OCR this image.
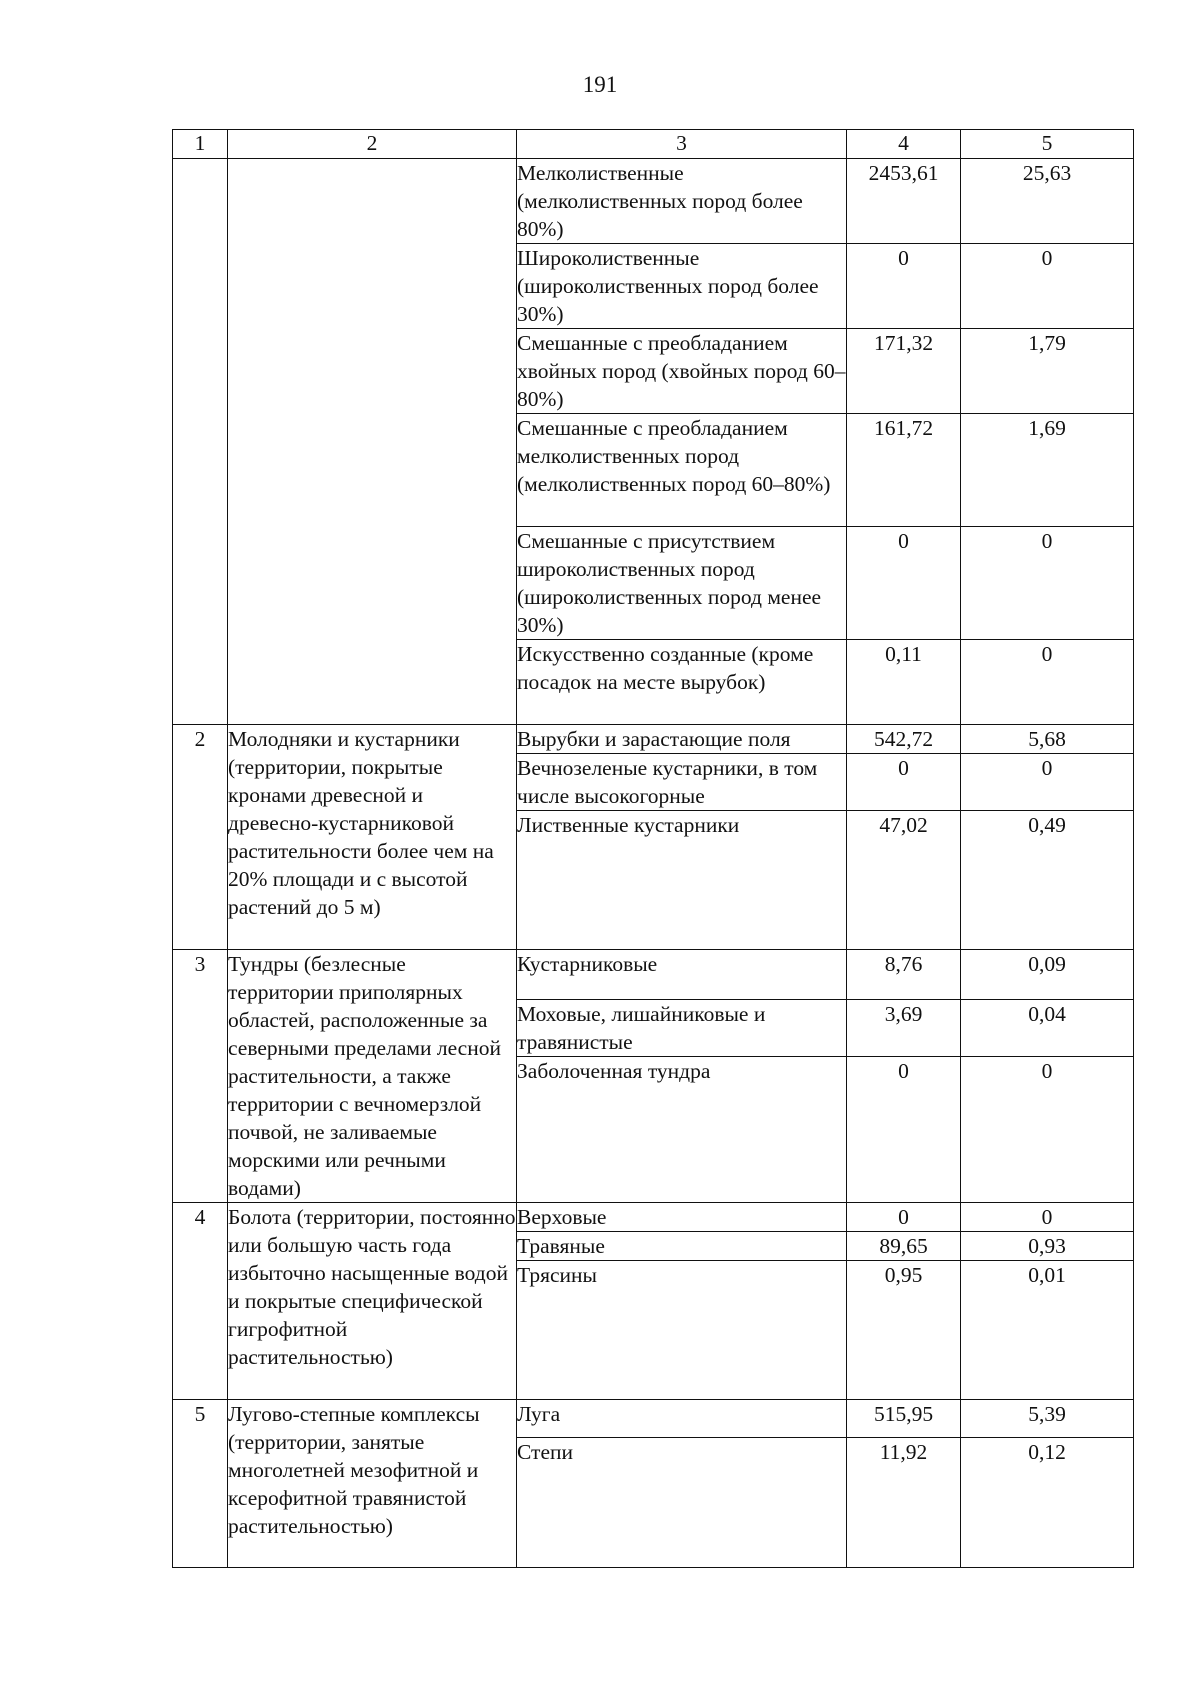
191
1	2	3	4	5
		Мелколиственные (мелколиственных пород более 80%)	2453,61	25,63
		Широколиственные (широколиственных пород более 30%)	0	0
		Смешанные с преобладанием хвойных пород (хвойных пород 60–80%)	171,32	1,79
		Смешанные с преобладанием мелколиственных пород (мелколиственных пород 60–80%)	161,72	1,69
		Смешанные с присутствием широколиственных пород (широколиственных пород менее 30%)	0	0
		Искусственно созданные (кроме посадок на месте вырубок)	0,11	0
2	Молодняки и кустарники (территории, покрытые кронами древесной и древесно-кустарниковой растительности более чем на 20% площади и с высотой растений до 5 м)	Вырубки и зарастающие поля	542,72	5,68
		Вечнозеленые кустарники, в том числе высокогорные	0	0
		Лиственные кустарники	47,02	0,49
3	Тундры (безлесные территории приполярных областей, расположенные за северными пределами лесной растительности, а также территории с вечномерзлой почвой, не заливаемые морскими или речными водами)	Кустарниковые	8,76	0,09
		Моховые, лишайниковые и травянистые	3,69	0,04
		Заболоченная тундра	0	0
4	Болота (территории, постоянно или большую часть года избыточно насыщенные водой и покрытые специфической гигрофитной растительностью)	Верховые	0	0
		Травяные	89,65	0,93
		Трясины	0,95	0,01
5	Лугово-степные комплексы (территории, занятые многолетней мезофитной и ксерофитной травянистой растительностью)	Луга	515,95	5,39
		Степи	11,92	0,12
